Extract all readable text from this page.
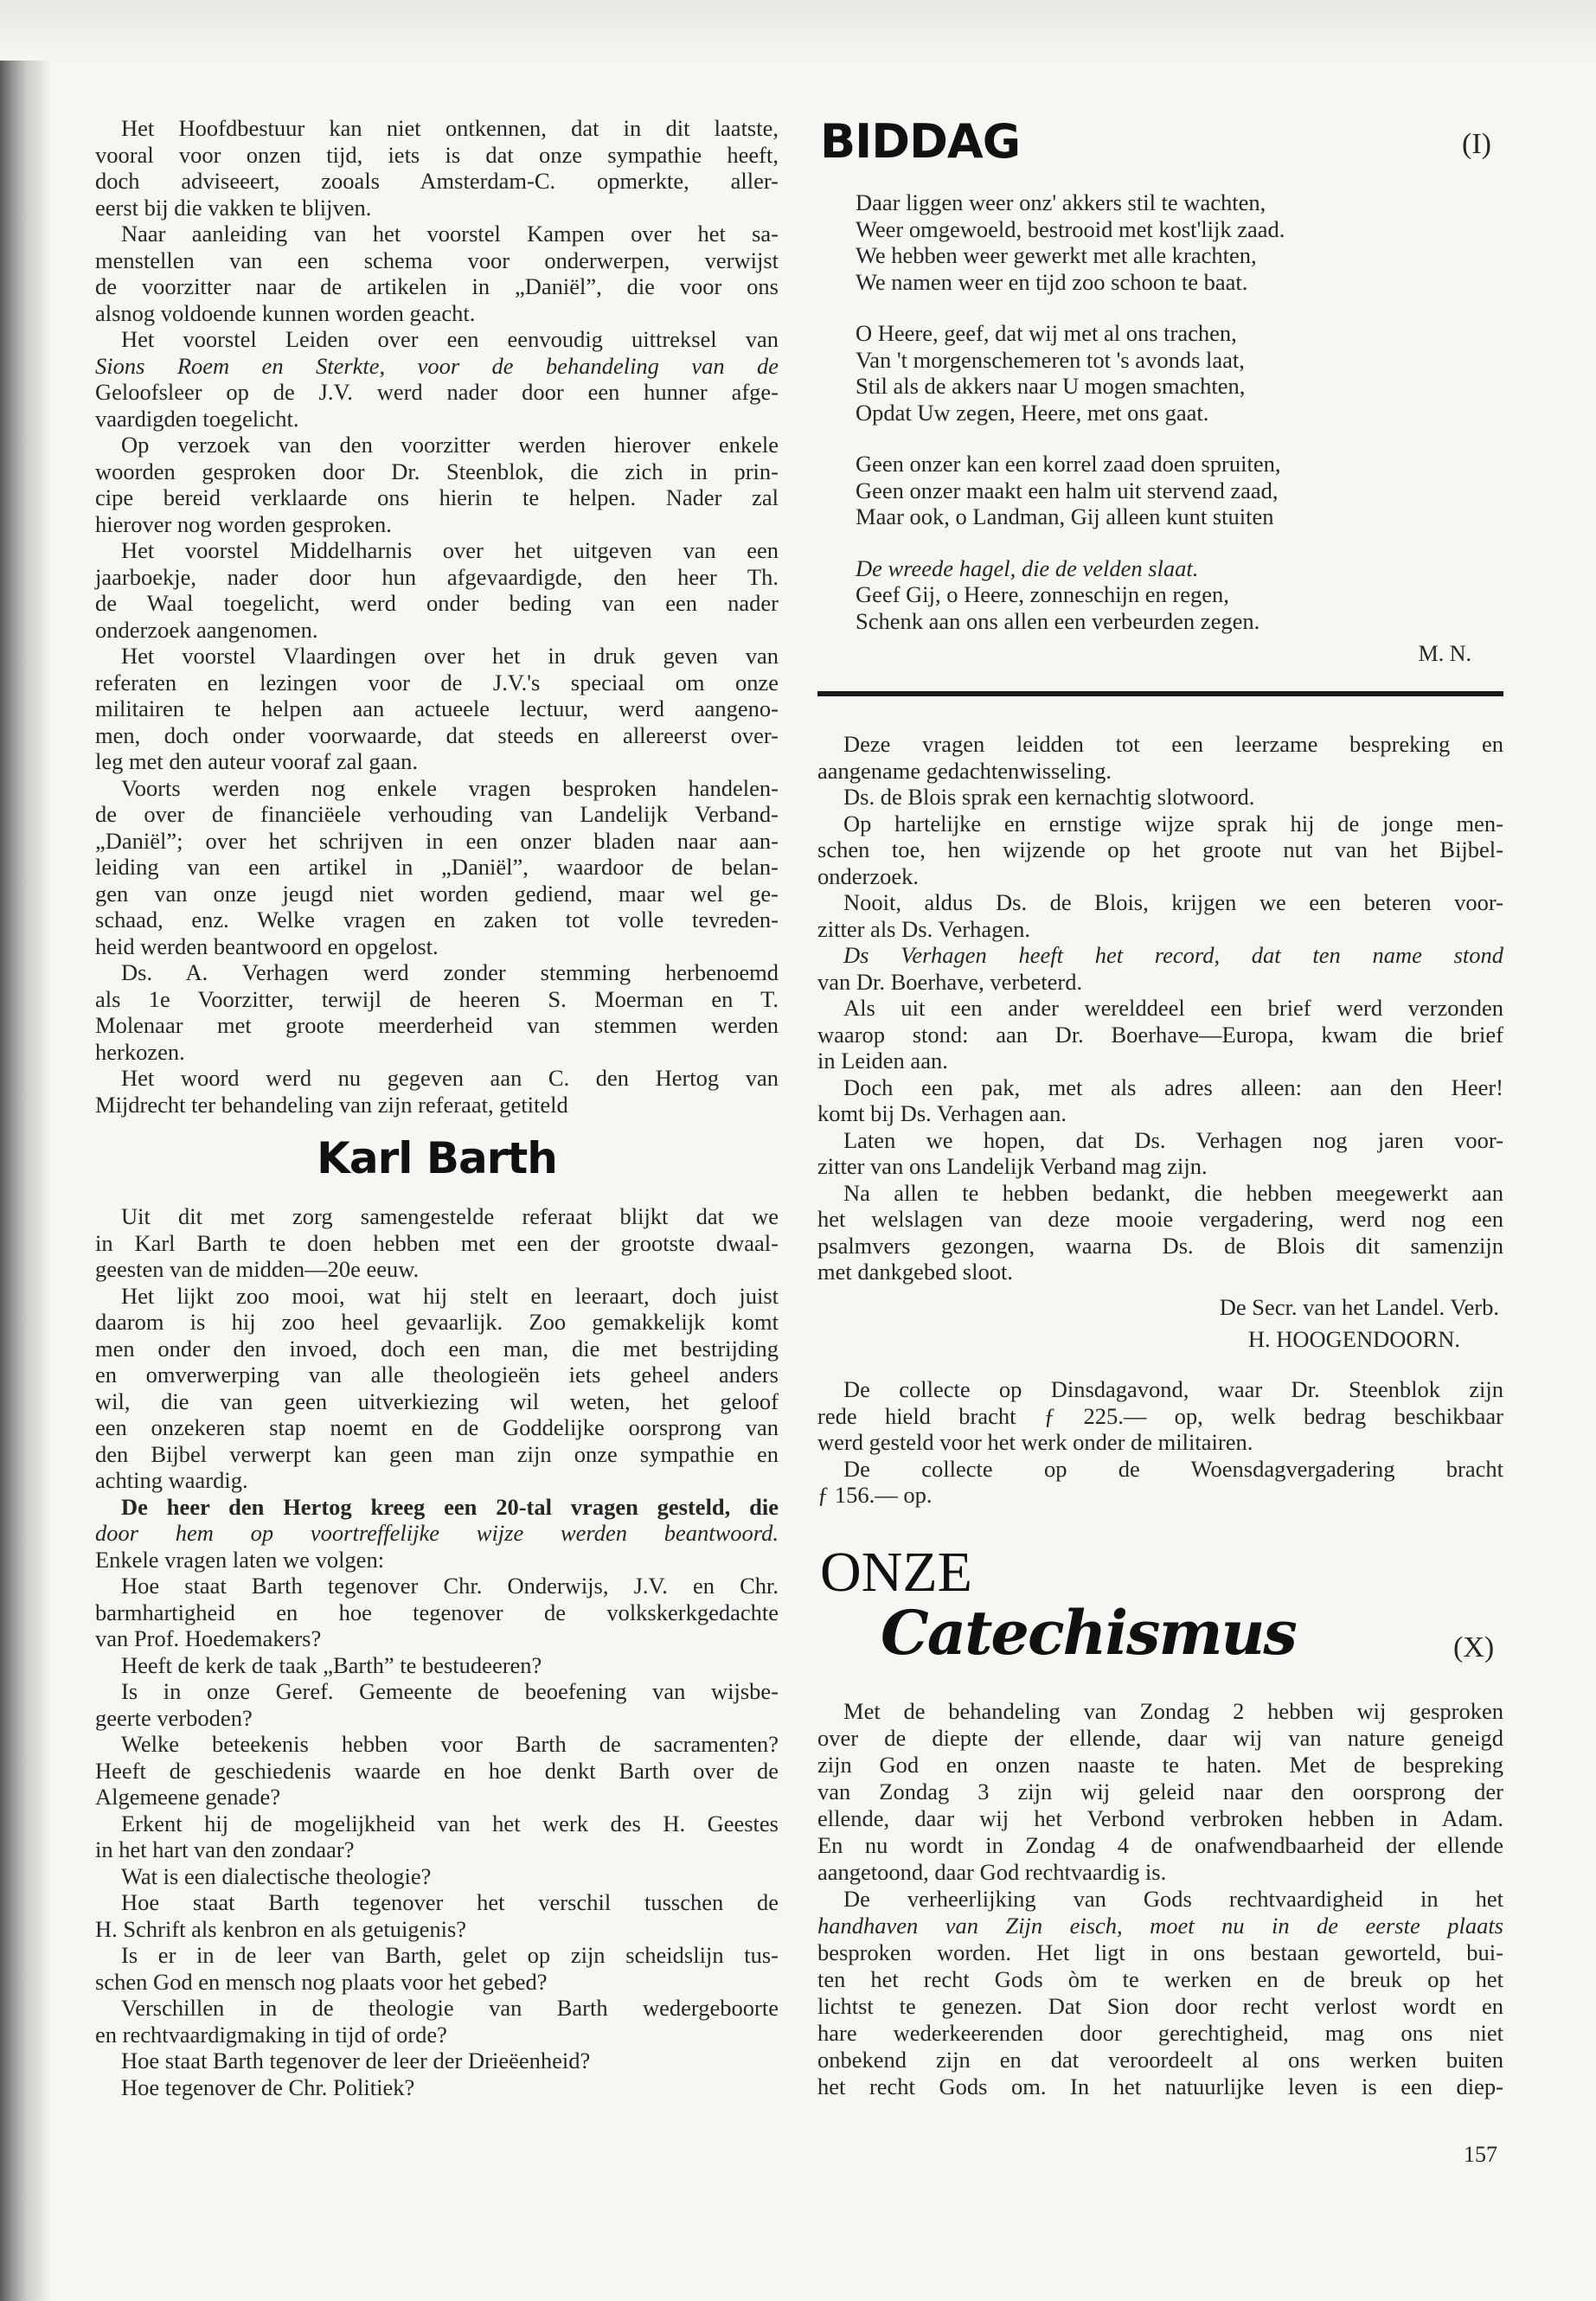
Het Hoofdbestuur kan niet ontkennen, dat in dit laatste,
vooral voor onzen tijd, iets is dat onze sympathie heeft,
doch adviseeert, zooals Amsterdam-C. opmerkte, aller-
eerst bij die vakken te blijven.
Naar aanleiding van het voorstel Kampen over het sa-
menstellen van een schema voor onderwerpen, verwijst
de voorzitter naar de artikelen in „Daniël”, die voor ons
alsnog voldoende kunnen worden geacht.
Het voorstel Leiden over een eenvoudig uittreksel van
Sions Roem en Sterkte, voor de behandeling van de
Geloofsleer op de J.V. werd nader door een hunner afge-
vaardigden toegelicht.
Op verzoek van den voorzitter werden hierover enkele
woorden gesproken door Dr. Steenblok, die zich in prin-
cipe bereid verklaarde ons hierin te helpen. Nader zal
hierover nog worden gesproken.
Het voorstel Middelharnis over het uitgeven van een
jaarboekje, nader door hun afgevaardigde, den heer Th.
de Waal toegelicht, werd onder beding van een nader
onderzoek aangenomen.
Het voorstel Vlaardingen over het in druk geven van
referaten en lezingen voor de J.V.'s speciaal om onze
militairen te helpen aan actueele lectuur, werd aangeno-
men, doch onder voorwaarde, dat steeds en allereerst over-
leg met den auteur vooraf zal gaan.
Voorts werden nog enkele vragen besproken handelen-
de over de financiëele verhouding van Landelijk Verband-
„Daniël”; over het schrijven in een onzer bladen naar aan-
leiding van een artikel in „Daniël”, waardoor de belan-
gen van onze jeugd niet worden gediend, maar wel ge-
schaad, enz. Welke vragen en zaken tot volle tevreden-
heid werden beantwoord en opgelost.
Ds. A. Verhagen werd zonder stemming herbenoemd
als 1e Voorzitter, terwijl de heeren S. Moerman en T.
Molenaar met groote meerderheid van stemmen werden
herkozen.
Het woord werd nu gegeven aan C. den Hertog van
Mijdrecht ter behandeling van zijn referaat, getiteld
Karl Barth
Uit dit met zorg samengestelde referaat blijkt dat we
in Karl Barth te doen hebben met een der grootste dwaal-
geesten van de midden—20e eeuw.
Het lijkt zoo mooi, wat hij stelt en leeraart, doch juist
daarom is hij zoo heel gevaarlijk. Zoo gemakkelijk komt
men onder den invoed, doch een man, die met bestrijding
en omverwerping van alle theologieën iets geheel anders
wil, die van geen uitverkiezing wil weten, het geloof
een onzekeren stap noemt en de Goddelijke oorsprong van
den Bijbel verwerpt kan geen man zijn onze sympathie en
achting waardig.
De heer den Hertog kreeg een 20-tal vragen gesteld, die
door hem op voortreffelijke wijze werden beantwoord.
Enkele vragen laten we volgen:
Hoe staat Barth tegenover Chr. Onderwijs, J.V. en Chr.
barmhartigheid en hoe tegenover de volkskerkgedachte
van Prof. Hoedemakers?
Heeft de kerk de taak „Barth” te bestudeeren?
Is in onze Geref. Gemeente de beoefening van wijsbe-
geerte verboden?
Welke beteekenis hebben voor Barth de sacramenten?
Heeft de geschiedenis waarde en hoe denkt Barth over de
Algemeene genade?
Erkent hij de mogelijkheid van het werk des H. Geestes
in het hart van den zondaar?
Wat is een dialectische theologie?
Hoe staat Barth tegenover het verschil tusschen de
H. Schrift als kenbron en als getuigenis?
Is er in de leer van Barth, gelet op zijn scheidslijn tus-
schen God en mensch nog plaats voor het gebed?
Verschillen in de theologie van Barth wedergeboorte
en rechtvaardigmaking in tijd of orde?
Hoe staat Barth tegenover de leer der Drieëenheid?
Hoe tegenover de Chr. Politiek?
BIDDAG	(I)
Daar liggen weer onz' akkers stil te wachten,
Weer omgewoeld, bestrooid met kost'lijk zaad.
We hebben weer gewerkt met alle krachten,
We namen weer en tijd zoo schoon te baat.
O Heere, geef, dat wij met al ons trachen,
Van 't morgenschemeren tot 's avonds laat,
Stil als de akkers naar U mogen smachten,
Opdat Uw zegen, Heere, met ons gaat.
Geen onzer kan een korrel zaad doen spruiten,
Geen onzer maakt een halm uit stervend zaad,
Maar ook, o Landman, Gij alleen kunt stuiten
De wreede hagel, die de velden slaat.
Geef Gij, o Heere, zonneschijn en regen,
Schenk aan ons allen een verbeurden zegen.
M. N.
Deze vragen leidden tot een leerzame bespreking en
aangename gedachtenwisseling.
Ds. de Blois sprak een kernachtig slotwoord.
Op hartelijke en ernstige wijze sprak hij de jonge men-
schen toe, hen wijzende op het groote nut van het Bijbel-
onderzoek.
Nooit, aldus Ds. de Blois, krijgen we een beteren voor-
zitter als Ds. Verhagen.
Ds Verhagen heeft het record, dat ten name stond
van Dr. Boerhave, verbeterd.
Als uit een ander werelddeel een brief werd verzonden
waarop stond: aan Dr. Boerhave—Europa, kwam die brief
in Leiden aan.
Doch een pak, met als adres alleen: aan den Heer!
komt bij Ds. Verhagen aan.
Laten we hopen, dat Ds. Verhagen nog jaren voor-
zitter van ons Landelijk Verband mag zijn.
Na allen te hebben bedankt, die hebben meegewerkt aan
het welslagen van deze mooie vergadering, werd nog een
psalmvers gezongen, waarna Ds. de Blois dit samenzijn
met dankgebed sloot.
De Secr. van het Landel. Verb.
H. HOOGENDOORN.
De collecte op Dinsdagavond, waar Dr. Steenblok zijn
rede hield bracht ƒ 225.— op, welk bedrag beschikbaar
werd gesteld voor het werk onder de militairen.
De collecte op de Woensdagvergadering bracht
ƒ 156.— op.
ONZE
Catechismus	(X)
Met de behandeling van Zondag 2 hebben wij gesproken
over de diepte der ellende, daar wij van nature geneigd
zijn God en onzen naaste te haten. Met de bespreking
van Zondag 3 zijn wij geleid naar den oorsprong der
ellende, daar wij het Verbond verbroken hebben in Adam.
En nu wordt in Zondag 4 de onafwendbaarheid der ellende
aangetoond, daar God rechtvaardig is.
De verheerlijking van Gods rechtvaardigheid in het
handhaven van Zijn eisch, moet nu in de eerste plaats
besproken worden. Het ligt in ons bestaan geworteld, bui-
ten het recht Gods òm te werken en de breuk op het
lichtst te genezen. Dat Sion door recht verlost wordt en
hare wederkeerenden door gerechtigheid, mag ons niet
onbekend zijn en dat veroordeelt al ons werken buiten
het recht Gods om. In het natuurlijke leven is een diep-
157
